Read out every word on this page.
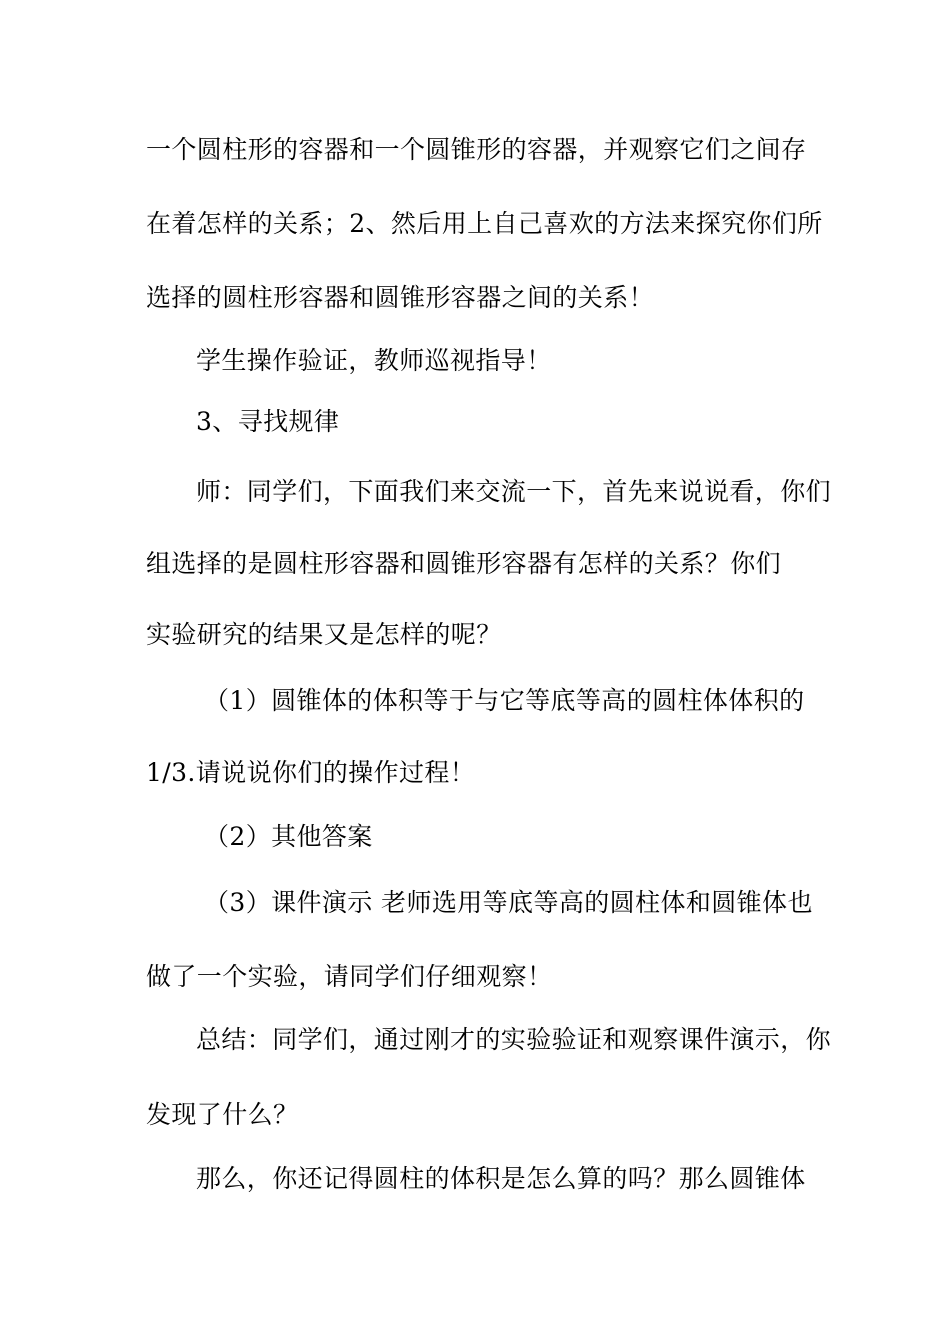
一个圆柱形的容器和一个圆锥形的容器，并观察它们之间存
在着怎样的关系；2、然后用上自己喜欢的方法来探究你们所
选择的圆柱形容器和圆锥形容器之间的关系！
学生操作验证，教师巡视指导！
3、寻找规律
师：同学们，下面我们来交流一下，首先来说说看，你们
组选择的是圆柱形容器和圆锥形容器有怎样的关系？你们
实验研究的结果又是怎样的呢？
（1）圆锥体的体积等于与它等底等高的圆柱体体积的
1/3.请说说你们的操作过程！
（2）其他答案
（3）课件演示 老师选用等底等高的圆柱体和圆锥体也
做了一个实验，请同学们仔细观察！
总结：同学们，通过刚才的实验验证和观察课件演示，你
发现了什么？
那么，你还记得圆柱的体积是怎么算的吗？那么圆锥体
